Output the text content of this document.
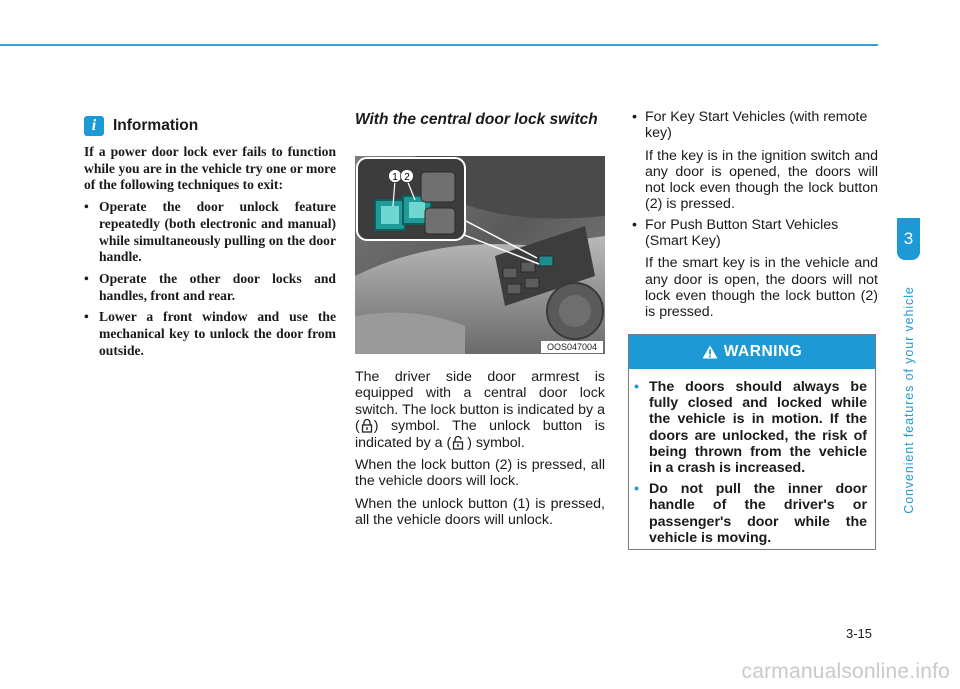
3
Convenient features of your vehicle
i	Information

If a power door lock ever fails to function while you are in the vehicle try one or more of the following techniques to exit:

• Operate the door unlock feature repeatedly (both electronic and manual) while simultaneously pulling on the door handle.
• Operate the other door locks and handles, front and rear.
• Lower a front window and use the mechanical key to unlock the door from outside.

With the central door lock switch

1 2
OOS047004

The driver side door armrest is equipped with a central door lock switch. The lock button is indicated by a ( ) symbol. The unlock button is indicated by a ( ) symbol.

When the lock button (2) is pressed, all the vehicle doors will lock.

When the unlock button (1) is pressed, all the vehicle doors will unlock.

• For Key Start Vehicles (with remote key)
If the key is in the ignition switch and any door is opened, the doors will not lock even though the lock button (2) is pressed.
• For Push Button Start Vehicles (Smart Key)
If the smart key is in the vehicle and any door is open, the doors will not lock even though the lock button (2) is pressed.
WARNING
• The doors should always be fully closed and locked while the vehicle is in motion. If the doors are unlocked, the risk of being thrown from the vehicle in a crash is increased.
• Do not pull the inner door handle of the driver's or passenger's door while the vehicle is moving.
3-15
carmanualsonline.info
